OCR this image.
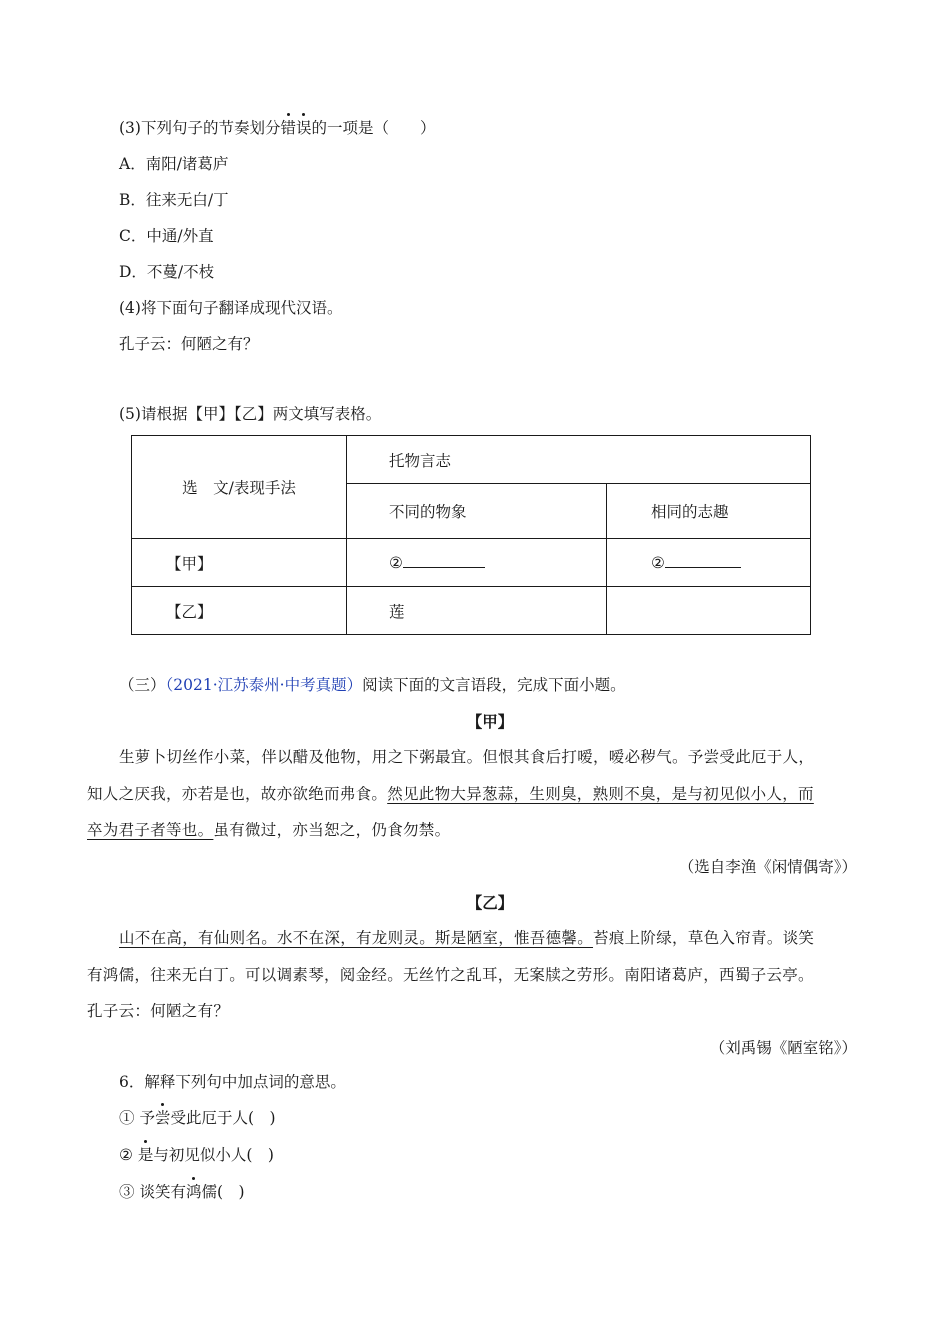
(3)下列句子的节奏划分错误的一项是（　　）
A．南阳/诸葛庐
B．往来无白/丁
C．中通/外直
D．不蔓/不枝
(4)将下面句子翻译成现代汉语。
孔子云：何陋之有？
(5)请根据【甲】【乙】两文填写表格。
选　文/表现手法	托物言志	
	不同的物象	相同的志趣
【甲】	②	②
【乙】	莲	
（三）（2021·江苏泰州·中考真题）阅读下面的文言语段，完成下面小题。
【甲】
生萝卜切丝作小菜，伴以醋及他物，用之下粥最宜。但恨其食后打嗳，嗳必秽气。予尝受此厄于人，
知人之厌我，亦若是也，故亦欲绝而弗食。然见此物大异葱蒜，生则臭，熟则不臭，是与初见似小人，而
卒为君子者等也。虽有微过，亦当恕之，仍食勿禁。
（选自李渔《闲情偶寄》）
【乙】
山不在高，有仙则名。水不在深，有龙则灵。斯是陋室，惟吾德馨。苔痕上阶绿，草色入帘青。谈笑
有鸿儒，往来无白丁。可以调素琴，阅金经。无丝竹之乱耳，无案牍之劳形。南阳诸葛庐，西蜀子云亭。
孔子云：何陋之有？
（刘禹锡《陋室铭》）
6．解释下列句中加点词的意思。
① 予尝受此厄于人(　)
② 是与初见似小人(　)
③ 谈笑有鸿儒(　)
